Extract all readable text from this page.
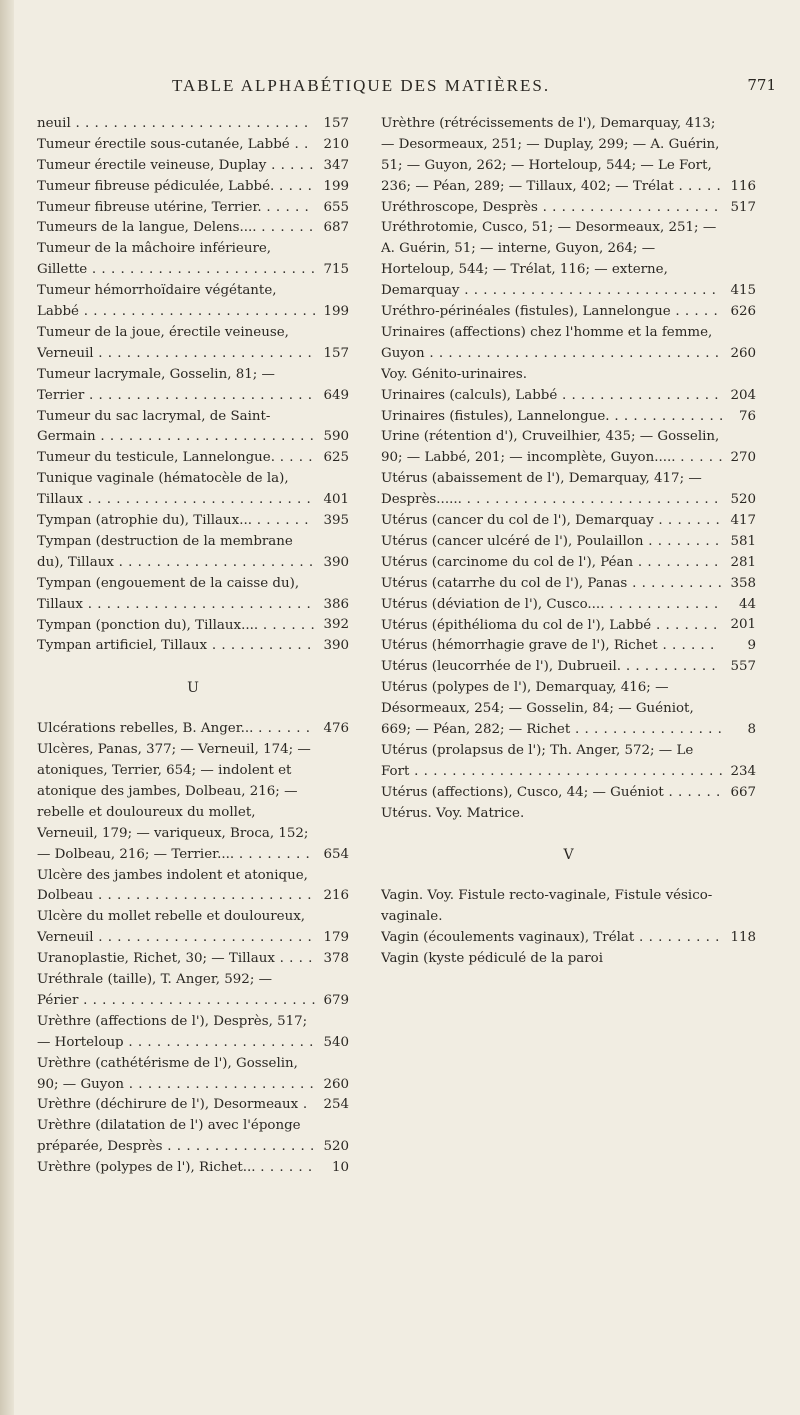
TABLE ALPHABÉTIQUE DES MATIÈRES.	771
neuil . . .	157
Tumeur érectile sous-cutanée, Labbé . . .	210
Tumeur érectile veineuse, Duplay . . .	347
Tumeur fibreuse pédiculée, Labbé. . . .	199
Tumeur fibreuse utérine, Terrier. . . .	655
Tumeurs de la langue, Delens.... . . .	687
Tumeur de la mâchoire inférieure, Gillette . . .	715
Tumeur hémorrhoïdaire végétante, Labbé . . .	199
Tumeur de la joue, érectile veineuse, Verneuil . . .	157
Tumeur lacrymale, Gosselin, 81; — Terrier . . .	649
Tumeur du sac lacrymal, de Saint-Germain . . .	590
Tumeur du testicule, Lannelongue. . . .	625
Tunique vaginale (hématocèle de la), Tillaux . . .	401
Tympan (atrophie du), Tillaux... . . .	395
Tympan (destruction de la membrane du), Tillaux . . .	390
Tympan (engouement de la caisse du), Tillaux . . .	386
Tympan (ponction du), Tillaux.... . . .	392
Tympan artificiel, Tillaux . . .	390
U
Ulcérations rebelles, B. Anger... . . .	476
Ulcères, Panas, 377; — Verneuil, 174; — atoniques, Terrier, 654; — indolent et atonique des jambes, Dolbeau, 216; — rebelle et douloureux du mollet, Verneuil, 179; — variqueux, Broca, 152; — Dolbeau, 216; — Terrier.... . . .	654
Ulcère des jambes indolent et atonique, Dolbeau . . .	216
Ulcère du mollet rebelle et douloureux, Verneuil . . .	179
Uranoplastie, Richet, 30; — Tillaux . . .	378
Uréthrale (taille), T. Anger, 592; — Périer . . .	679
Urèthre (affections de l'), Desprès, 517; — Horteloup . . .	540
Urèthre (cathétérisme de l'), Gosselin, 90; — Guyon . . .	260
Urèthre (déchirure de l'), Desormeaux . . .	254
Urèthre (dilatation de l') avec l'éponge préparée, Desprès . . .	520
Urèthre (polypes de l'), Richet... . . .	10
Urèthre (rétrécissements de l'), Demarquay, 413; — Desormeaux, 251; — Duplay, 299; — A. Guérin, 51; — Guyon, 262; — Horteloup, 544; — Le Fort, 236; — Péan, 289; — Tillaux, 402; — Trélat . . .	116
Uréthroscope, Desprès . . .	517
Uréthrotomie, Cusco, 51; — Desormeaux, 251; — A. Guérin, 51; — interne, Guyon, 264; — Horteloup, 544; — Trélat, 116; — externe, Demarquay . . .	415
Uréthro-périnéales (fistules), Lannelongue . . .	626
Urinaires (affections) chez l'homme et la femme, Guyon . . .	260
Voy. Génito-urinaires.
Urinaires (calculs), Labbé . . .	204
Urinaires (fistules), Lannelongue. . . .	76
Urine (rétention d'), Cruveilhier, 435; — Gosselin, 90; — Labbé, 201; — incomplète, Guyon..... . . .	270
Utérus (abaissement de l'), Demarquay, 417; — Desprès...... . . .	520
Utérus (cancer du col de l'), Demarquay . . .	417
Utérus (cancer ulcéré de l'), Poulaillon . . .	581
Utérus (carcinome du col de l'), Péan . . .	281
Utérus (catarrhe du col de l'), Panas . . .	358
Utérus (déviation de l'), Cusco.... . . .	44
Utérus (épithélioma du col de l'), Labbé . . .	201
Utérus (hémorrhagie grave de l'), Richet . . .	9
Utérus (leucorrhée de l'), Dubrueil. . . .	557
Utérus (polypes de l'), Demarquay, 416; — Désormeaux, 254; — Gosselin, 84; — Guéniot, 669; — Péan, 282; — Richet . . .	8
Utérus (prolapsus de l'); Th. Anger, 572; — Le Fort . . .	234
Utérus (affections), Cusco, 44; — Guéniot . . .	667
Utérus. Voy. Matrice.
V
Vagin. Voy. Fistule recto-vaginale, Fistule vésico-vaginale.
Vagin (écoulements vaginaux), Trélat . . .	118
Vagin (kyste pédiculé de la paroi
